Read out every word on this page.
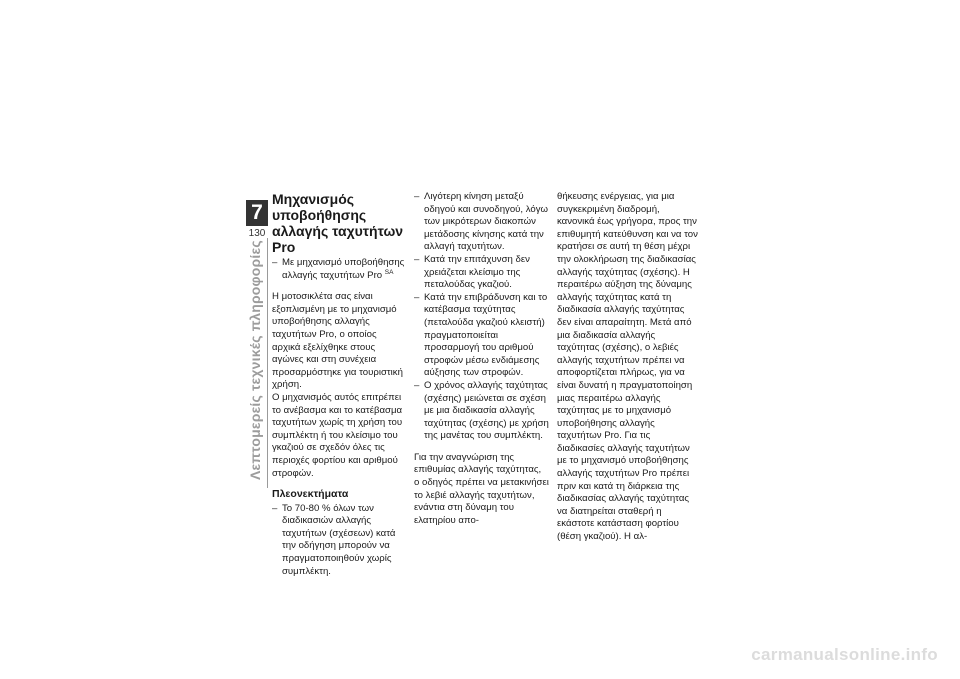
7
130
Λεπτομερείς τεχνικές πληροφορίες

Μηχανισμός υποβοήθησης αλλαγής ταχυτήτων Pro

– Με μηχανισμό υποβοήθησης αλλαγής ταχυτήτων Pro $^{SA}$

Η μοτοσικλέτα σας είναι εξοπλισμένη με το μηχανισμό υποβοήθησης αλλαγής ταχυτήτων Pro, ο οποίος αρχικά εξελίχθηκε στους αγώνες και στη συνέχεια προσαρμόστηκε για τουριστική χρήση.

Ο μηχανισμός αυτός επιτρέπει το ανέβασμα και το κατέβασμα ταχυτήτων χωρίς τη χρήση του συμπλέκτη ή του κλείσιμο του γκαζιού σε σχεδόν όλες τις περιοχές φορτίου και αριθμού στροφών.

Πλεονεκτήματα

– Το 70-80 % όλων των διαδικασιών αλλαγής ταχυτήτων (σχέσεων) κατά την οδήγηση μπορούν να πραγματοποιηθούν χωρίς συμπλέκτη.

– Λιγότερη κίνηση μεταξύ οδηγού και συνοδηγού, λόγω των μικρότερων διακοπών μετάδοσης κίνησης κατά την αλλαγή ταχυτήτων.

– Κατά την επιτάχυνση δεν χρειάζεται κλείσιμο της πεταλούδας γκαζιού.

– Κατά την επιβράδυνση και το κατέβασμα ταχύτητας (πεταλούδα γκαζιού κλειστή) πραγματοποιείται προσαρμογή του αριθμού στροφών μέσω ενδιάμεσης αύξησης των στροφών.

– Ο χρόνος αλλαγής ταχύτητας (σχέσης) μειώνεται σε σχέση με μια διαδικασία αλλαγής ταχύτητας (σχέσης) με χρήση της μανέτας του συμπλέκτη.

Για την αναγνώριση της επιθυμίας αλλαγής ταχύτητας, ο οδηγός πρέπει να μετακινήσει το λεβιέ αλλαγής ταχυτήτων, ενάντια στη δύναμη του ελατηρίου απο-

θήκευσης ενέργειας, για μια συγκεκριμένη διαδρομή, κανονικά έως γρήγορα, προς την επιθυμητή κατεύθυνση και να τον κρατήσει σε αυτή τη θέση μέχρι την ολοκλήρωση της διαδικασίας αλλαγής ταχύτητας (σχέσης). Η περαιτέρω αύξηση της δύναμης αλλαγής ταχύτητας κατά τη διαδικασία αλλαγής ταχύτητας δεν είναι απαραίτητη. Μετά από μια διαδικασία αλλαγής ταχύτητας (σχέσης), ο λεβιές αλλαγής ταχυτήτων πρέπει να αποφορτίζεται πλήρως, για να είναι δυνατή η πραγματοποίηση μιας περαιτέρω αλλαγής ταχύτητας με το μηχανισμό υποβοήθησης αλλαγής ταχυτήτων Pro. Για τις διαδικασίες αλλαγής ταχυτήτων με το μηχανισμό υποβοήθησης αλλαγής ταχυτήτων Pro πρέπει πριν και κατά τη διάρκεια της διαδικασίας αλλαγής ταχύτητας να διατηρείται σταθερή η εκάστοτε κατάσταση φορτίου (θέση γκαζιού). Η αλ-

carmanualsonline.info
